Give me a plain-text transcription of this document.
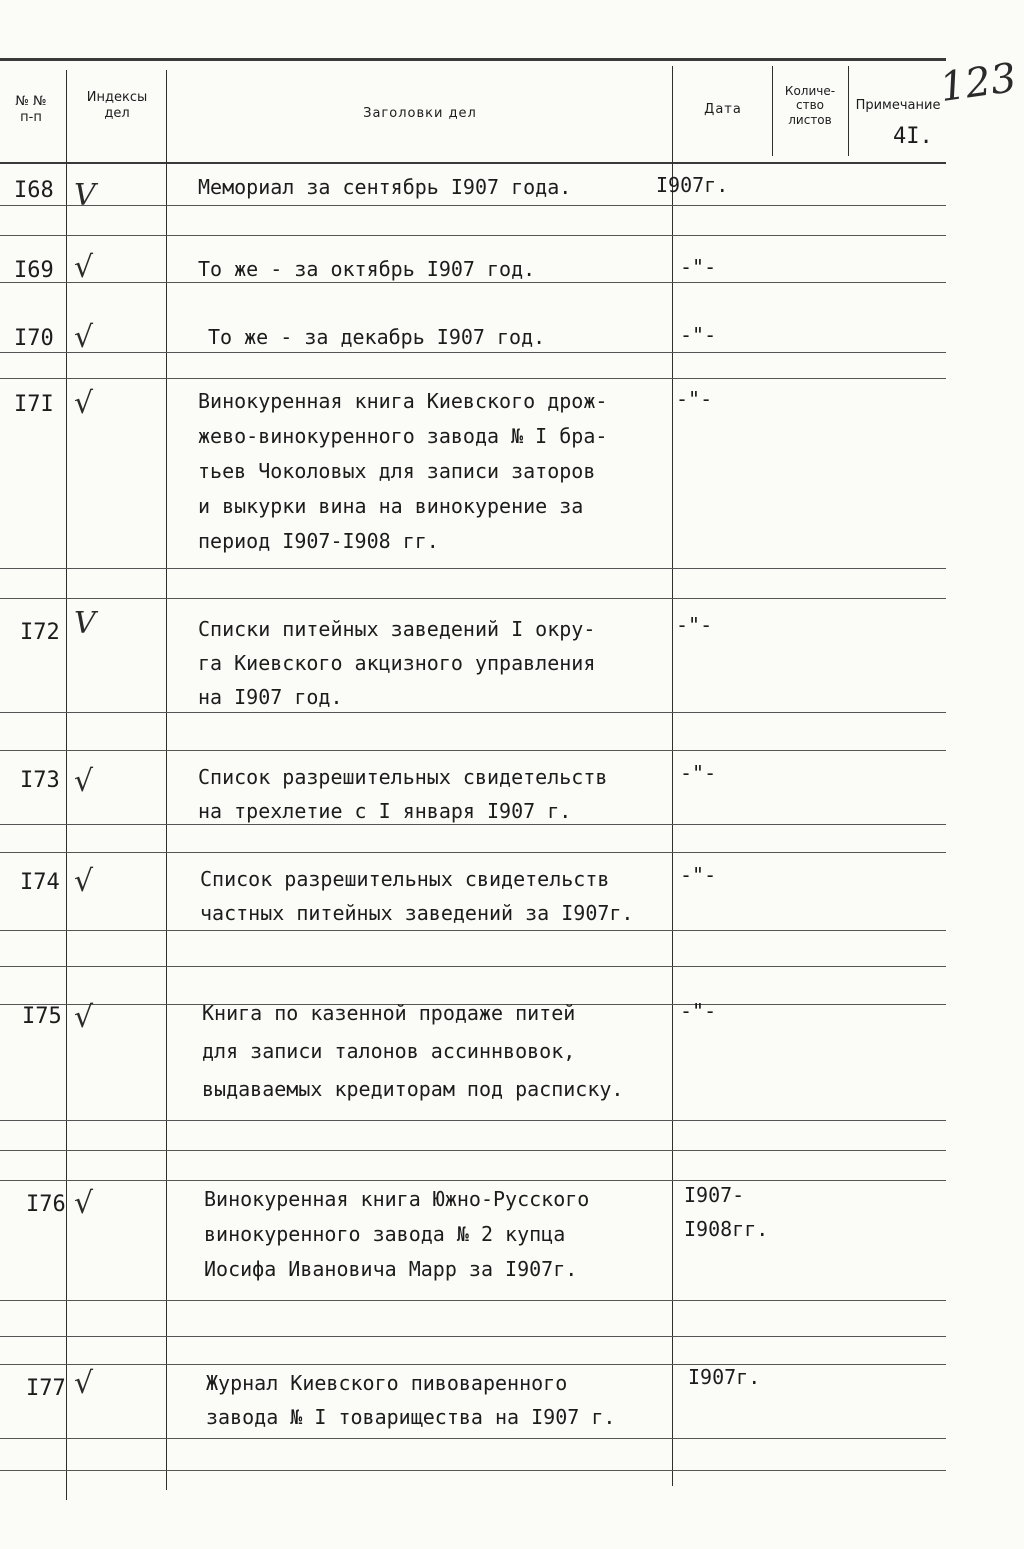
№ №
п-п
Индексы
дел	Заголовки дел	Дата
Количе-
ство
листов
Примечание
123
4I.
I68 V	Мемориал за сентябрь I907 года.	I907г.
I69 √	То же - за октябрь I907 год.	-"-
I70 √	То же - за декабрь I907 год.	-"-
I7I √	Винокуренная книга Киевского дрож-
жево-винокуренного завода № I бра-
тьев Чоколовых для записи заторов
и выкурки вина на винокурение за
период I907-I908 гг.
-"-
I72 V	Списки питейных заведений I окру-
га Киевского акцизного управления
на I907 год.
-"-
I73 √	Список разрешительных свидетельств
на трехлетие с I января I907 г.
-"-
I74 √	Список разрешительных свидетельств
частных питейных заведений за I907г.
-"-
I75 √	Книга по казенной продаже питей
для записи талонов ассиннвовок,
выдаваемых кредиторам под расписку.
-"-
I76 √	Винокуренная книга Южно-Русского
винокуренного завода № 2 купца
Иосифа Ивановича Марр за I907г.
I907-
I908гг.
I77 √	Журнал Киевского пивоваренного
завода № I товарищества на I907 г.
I907г.
